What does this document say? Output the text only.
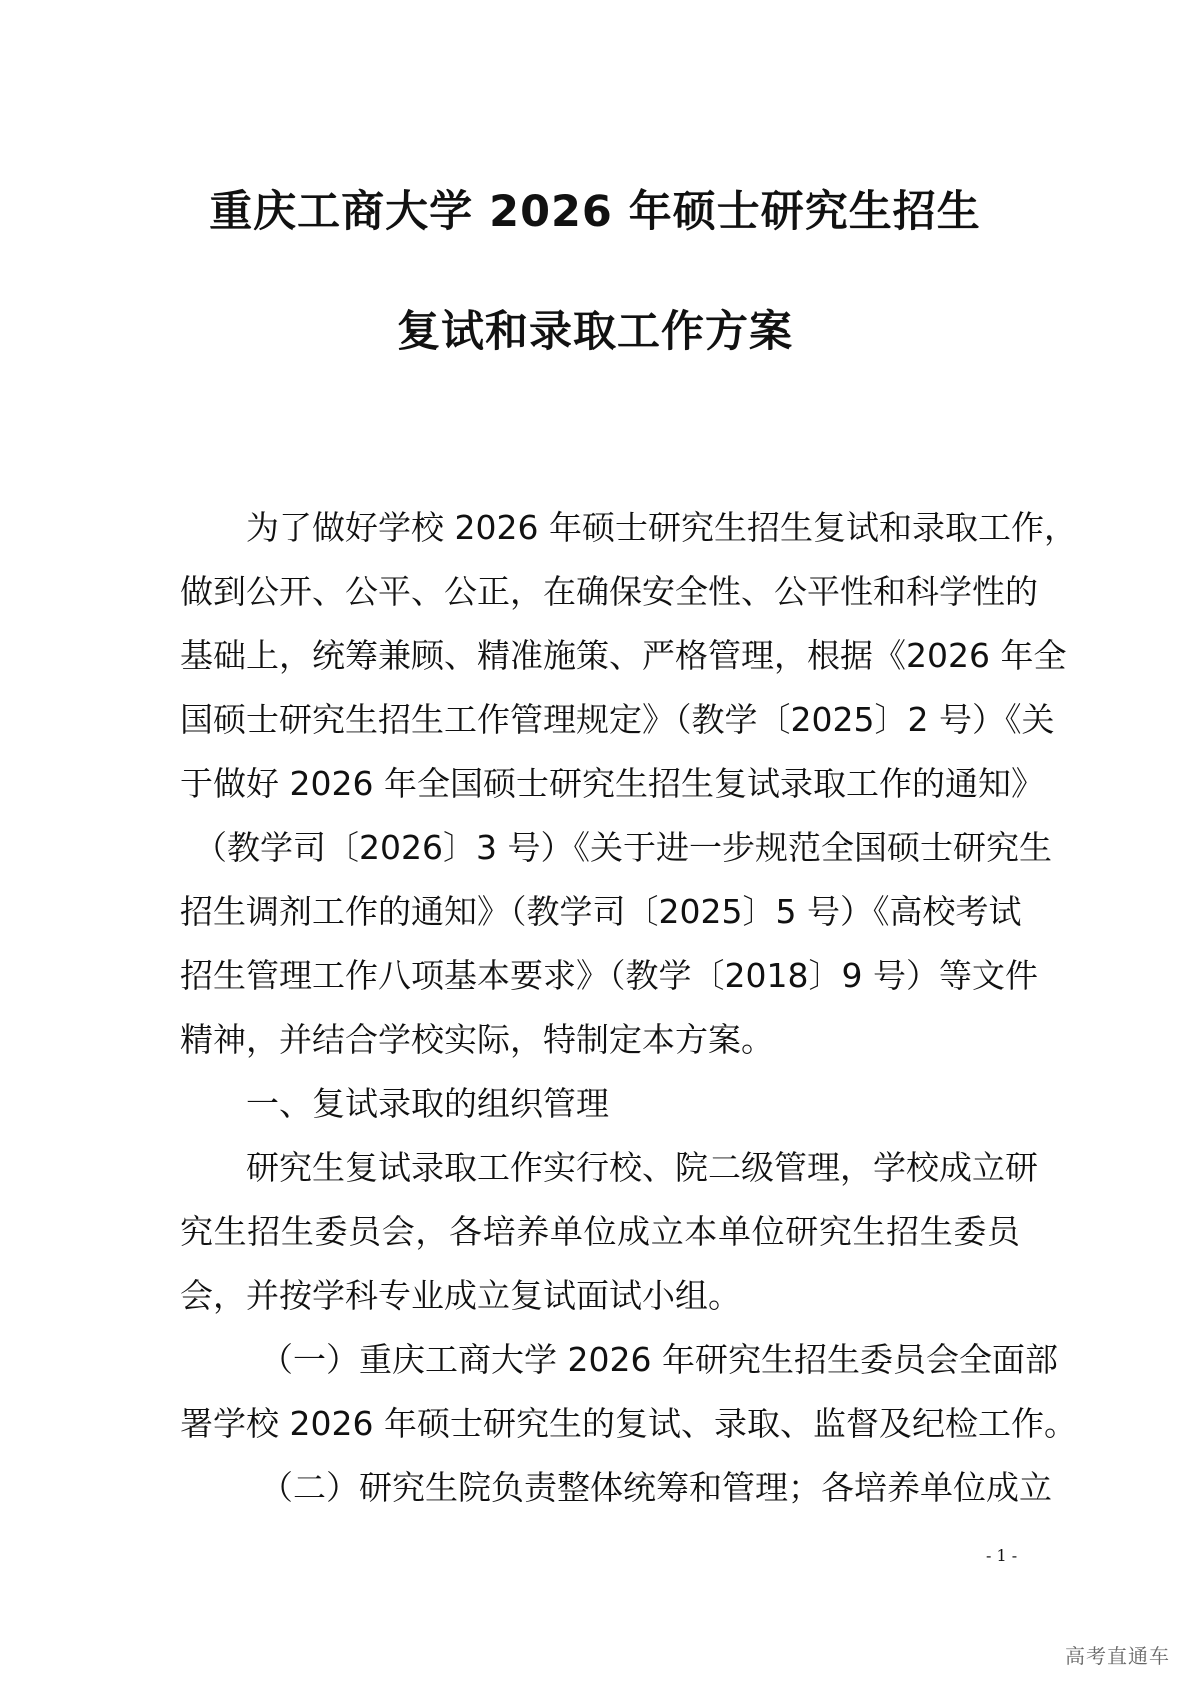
重庆工商大学 2026 年硕士研究生招生
复试和录取工作方案
为了做好学校 2026 年硕士研究生招生复试和录取工作，
做到公开、公平、公正，在确保安全性、公平性和科学性的
基础上，统筹兼顾、精准施策、严格管理，根据《2026 年全
国硕士研究生招生工作管理规定》（教学〔2025〕2 号）《关
于做好 2026 年全国硕士研究生招生复试录取工作的通知》
（教学司〔2026〕3 号）《关于进一步规范全国硕士研究生
招生调剂工作的通知》（教学司〔2025〕5 号）《高校考试
招生管理工作八项基本要求》（教学〔2018〕9 号）等文件
精神，并结合学校实际，特制定本方案。
一、复试录取的组织管理
研究生复试录取工作实行校、院二级管理，学校成立研
究生招生委员会，各培养单位成立本单位研究生招生委员
会，并按学科专业成立复试面试小组。
（一）重庆工商大学 2026 年研究生招生委员会全面部
署学校 2026 年硕士研究生的复试、录取、监督及纪检工作。
（二）研究生院负责整体统筹和管理；各培养单位成立
- 1 -
高考直通车
